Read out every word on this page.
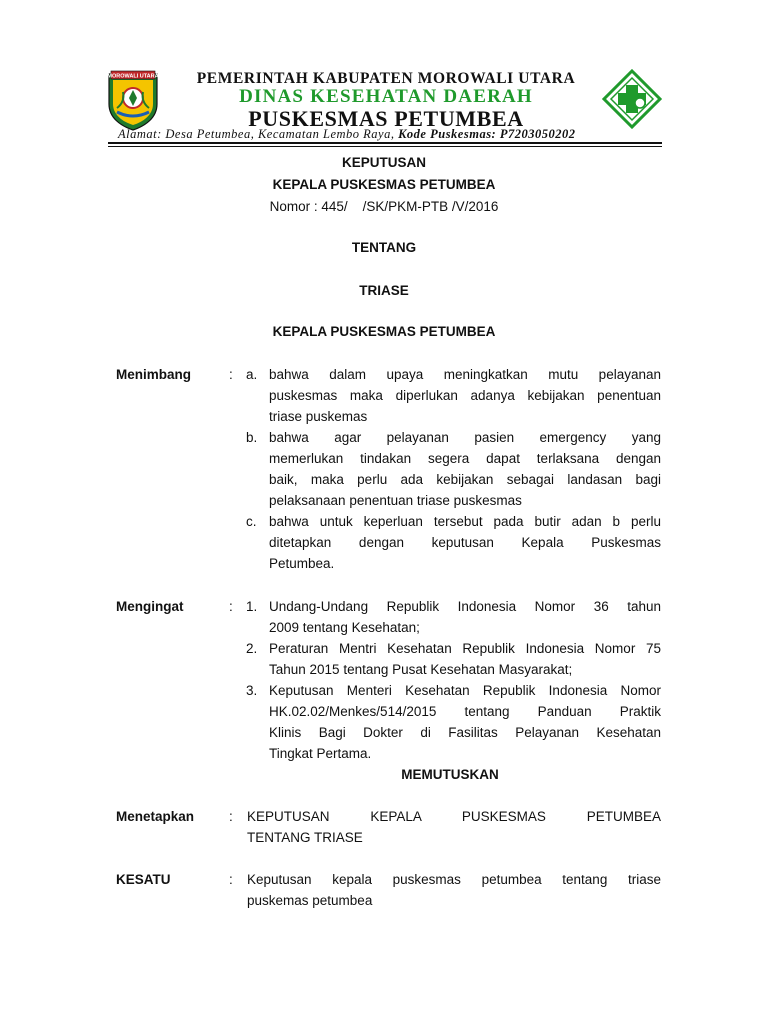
MOROWALI UTARA	PEMERINTAH KABUPATEN MOROWALI UTARA
DINAS KESEHATAN DAERAH
PUSKESMAS PETUMBEA
Alamat: Desa Petumbea, Kecamatan Lembo Raya, Kode Puskesmas: P7203050202
KEPUTUSAN
KEPALA PUSKESMAS PETUMBEA
Nomor : 445/    /SK/PKM-PTB /V/2016
TENTANG
TRIASE
KEPALA PUSKESMAS PETUMBEA
Menimbang	: a. bahwa dalam upaya meningkatkan mutu pelayanan
puskesmas maka diperlukan adanya kebijakan penentuan
triase puskemas
b. bahwa agar pelayanan pasien emergency yang
memerlukan tindakan segera dapat terlaksana dengan
baik, maka perlu ada kebijakan sebagai landasan bagi
pelaksanaan penentuan triase puskesmas
c. bahwa untuk keperluan tersebut pada butir adan b perlu
ditetapkan dengan keputusan Kepala Puskesmas
Petumbea.
Mengingat	: 1. Undang-Undang Republik Indonesia Nomor 36 tahun
2009 tentang Kesehatan;
2. Peraturan Mentri Kesehatan Republik Indonesia Nomor 75
Tahun 2015 tentang Pusat Kesehatan Masyarakat;
3. Keputusan Menteri Kesehatan Republik Indonesia Nomor
HK.02.02/Menkes/514/2015 tentang Panduan Praktik
Klinis Bagi Dokter di Fasilitas Pelayanan Kesehatan
Tingkat Pertama.
MEMUTUSKAN
Menetapkan	: KEPUTUSAN KEPALA PUSKESMAS PETUMBEA
TENTANG TRIASE
KESATU	: Keputusan kepala puskesmas petumbea tentang triase
puskemas petumbea
